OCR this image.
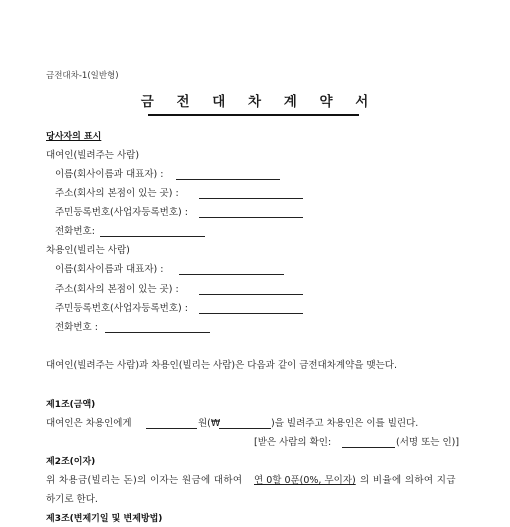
금전대차-1(일반형)
금 전 대 차 계 약 서
당사자의 표시
대여인(빌려주는 사람)
이름(회사이름과 대표자) :
주소(회사의 본점이 있는 곳) :
주민등록번호(사업자등록번호) :
전화번호:
차용인(빌리는 사람)
이름(회사이름과 대표자) :
주소(회사의 본점이 있는 곳) :
주민등록번호(사업자등록번호) :
전화번호 :
대여인(빌려주는 사람)과 차용인(빌리는 사람)은 다음과 같이 금전대차계약을 맺는다.
제1조(금액)
대여인은 차용인에게	원(₩	)을 빌려주고 차용인은 이를 빌린다.
[받은 사람의 확인:	(서명 또는 인)]
제2조(이자)
위 차용금(빌리는 돈)의 이자는 원금에 대하여 연 0할 0푼(0%, 무이자) 의 비율에 의하여 지급
하기로 한다.
제3조(변제기일 및 변제방법)
